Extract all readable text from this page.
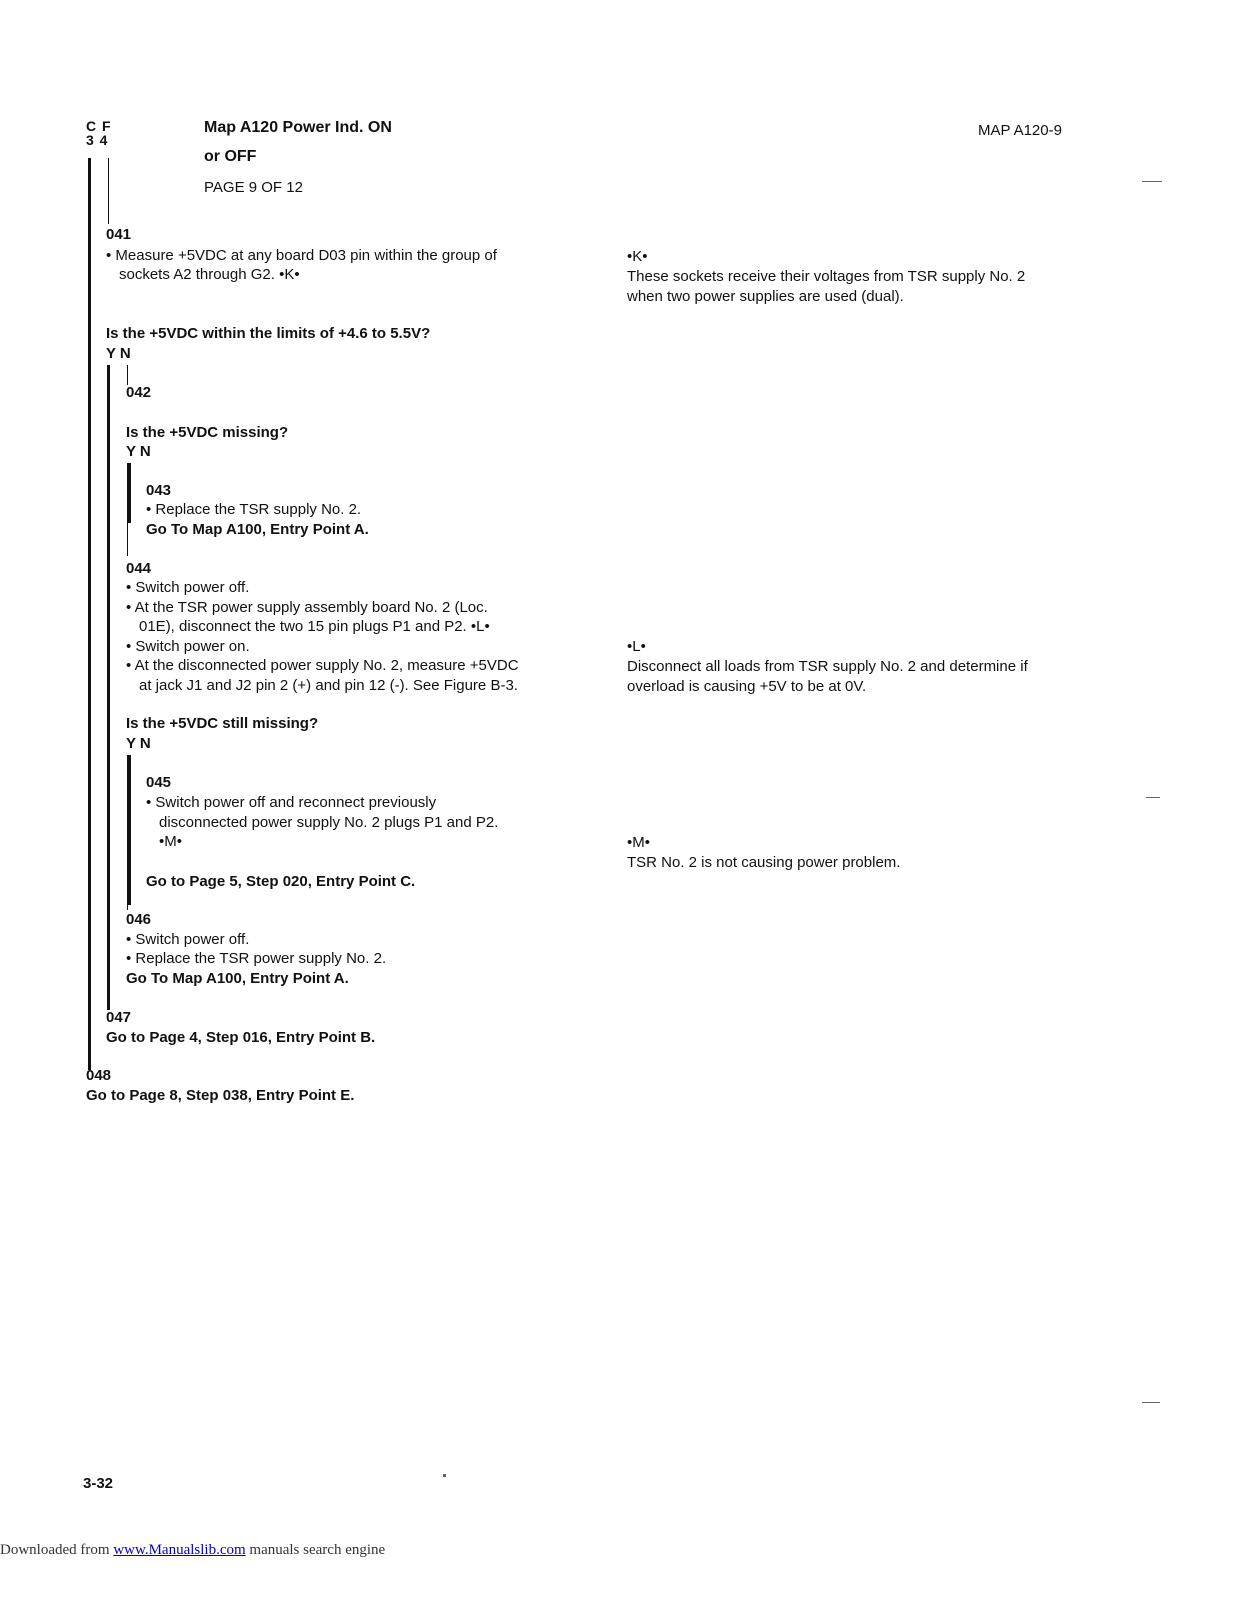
C F
3 4
Map A120 Power Ind. ON
or OFF
PAGE 9 OF 12
MAP A120-9
041
• Measure +5VDC at any board D03 pin within the group of
sockets A2 through G2. •K•
Is the +5VDC within the limits of +4.6 to 5.5V?
Y N
042
Is the +5VDC missing?
Y N
043
• Replace the TSR supply No. 2.
Go To Map A100, Entry Point A.
044
• Switch power off.
• At the TSR power supply assembly board No. 2 (Loc.
01E), disconnect the two 15 pin plugs P1 and P2. •L•
• Switch power on.
• At the disconnected power supply No. 2, measure +5VDC
at jack J1 and J2 pin 2 (+) and pin 12 (-). See Figure B-3.
Is the +5VDC still missing?
Y N
045
• Switch power off and reconnect previously
disconnected power supply No. 2 plugs P1 and P2.
•M•
Go to Page 5, Step 020, Entry Point C.
046
• Switch power off.
• Replace the TSR power supply No. 2.
Go To Map A100, Entry Point A.
047
Go to Page 4, Step 016, Entry Point B.
048
Go to Page 8, Step 038, Entry Point E.
•K•
These sockets receive their voltages from TSR supply No. 2
when two power supplies are used (dual).
•L•
Disconnect all loads from TSR supply No. 2 and determine if
overload is causing +5V to be at 0V.
•M•
TSR No. 2 is not causing power problem.
3-32
Downloaded from www.Manualslib.com manuals search engine
